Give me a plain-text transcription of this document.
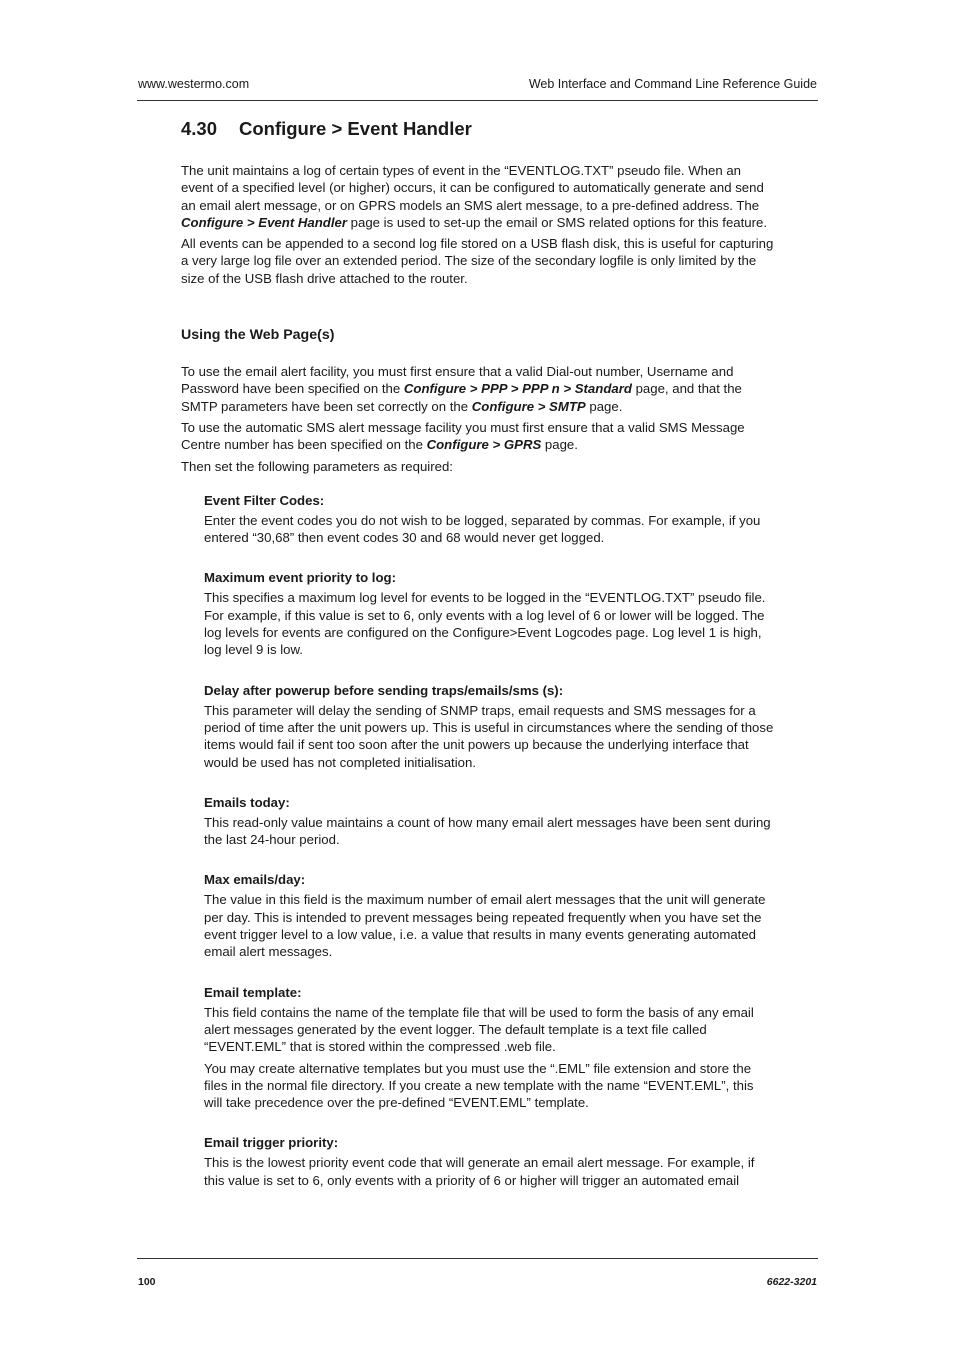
www.westermo.com	Web Interface and Command Line Reference Guide
4.30 Configure > Event Handler

The unit maintains a log of certain types of event in the “EVENTLOG.TXT” pseudo file. When an event of a specified level (or higher) occurs, it can be configured to automatically generate and send an email alert message, or on GPRS models an SMS alert message, to a pre-defined address. The Configure > Event Handler page is used to set-up the email or SMS related options for this feature.

All events can be appended to a second log file stored on a USB flash disk, this is useful for capturing a very large log file over an extended period. The size of the secondary logfile is only limited by the size of the USB flash drive attached to the router.

Using the Web Page(s)

To use the email alert facility, you must first ensure that a valid Dial-out number, Username and Password have been specified on the Configure > PPP > PPP n > Standard page, and that the SMTP parameters have been set correctly on the Configure > SMTP page.

To use the automatic SMS alert message facility you must first ensure that a valid SMS Message Centre number has been specified on the Configure > GPRS page.

Then set the following parameters as required:

Event Filter Codes:

Enter the event codes you do not wish to be logged, separated by commas. For example, if you entered “30,68” then event codes 30 and 68 would never get logged.

Maximum event priority to log:

This specifies a maximum log level for events to be logged in the “EVENTLOG.TXT” pseudo file. For example, if this value is set to 6, only events with a log level of 6 or lower will be logged. The log levels for events are configured on the Configure>Event Logcodes page. Log level 1 is high, log level 9 is low.

Delay after powerup before sending traps/emails/sms (s):

This parameter will delay the sending of SNMP traps, email requests and SMS messages for a period of time after the unit powers up. This is useful in circumstances where the sending of those items would fail if sent too soon after the unit powers up because the underlying interface that would be used has not completed initialisation.

Emails today:

This read-only value maintains a count of how many email alert messages have been sent during the last 24-hour period.

Max emails/day:

The value in this field is the maximum number of email alert messages that the unit will generate per day. This is intended to prevent messages being repeated frequently when you have set the event trigger level to a low value, i.e. a value that results in many events generating automated email alert messages.

Email template:

This field contains the name of the template file that will be used to form the basis of any email alert messages generated by the event logger. The default template is a text file called “EVENT.EML” that is stored within the compressed .web file.

You may create alternative templates but you must use the “.EML” file extension and store the files in the normal file directory. If you create a new template with the name “EVENT.EML”, this will take precedence over the pre-defined “EVENT.EML” template.

Email trigger priority:

This is the lowest priority event code that will generate an email alert message. For example, if this value is set to 6, only events with a priority of 6 or higher will trigger an automated email

100	6622-3201
